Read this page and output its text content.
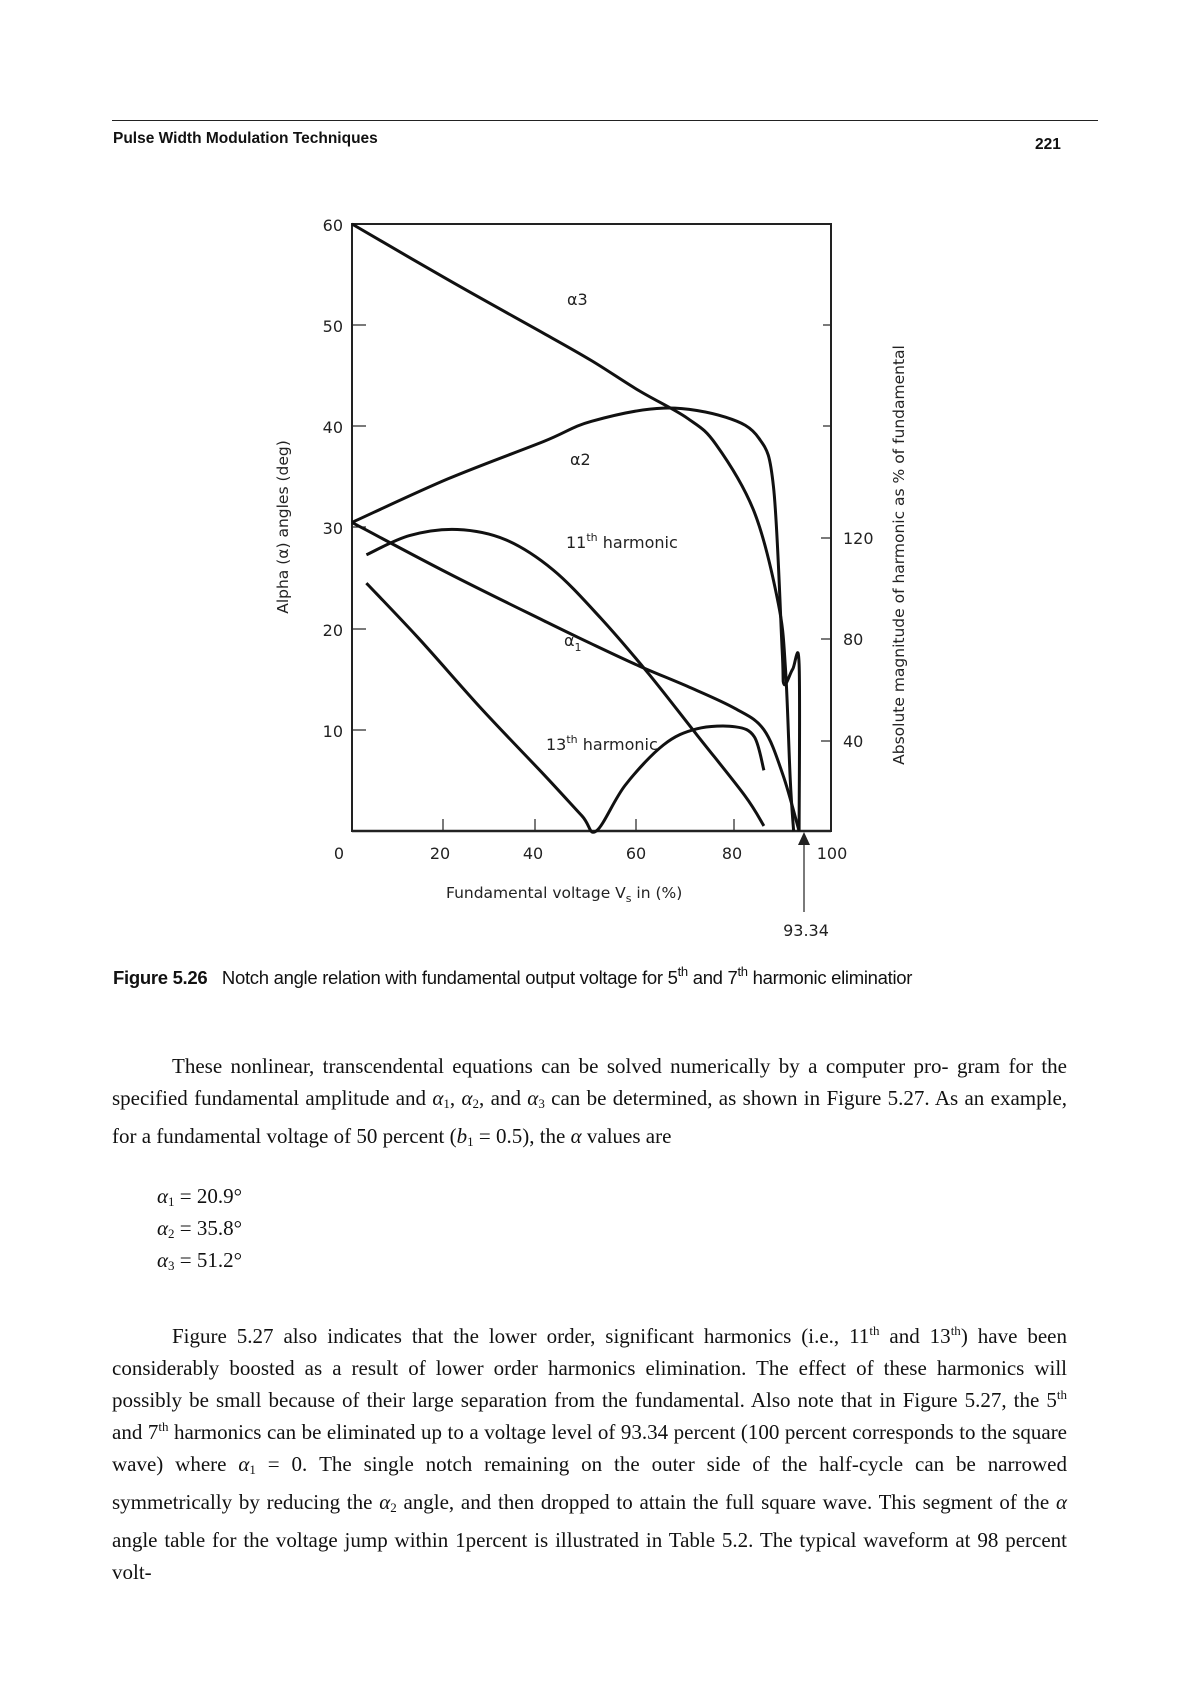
Pulse Width Modulation Techniques	221
60
50
40
30
20
10
120
80
40
0	20	40	60	80	100
Fundamental voltage $V_s$ in (%)
Alpha (α) angles (deg)	Absolute magnitude of harmonic as % of fundamental
93.34
α3
α2
11th harmonic
$\alpha_1$
13th harmonic
Figure 5.26 Notch angle relation with fundamental output voltage for 5th and 7th harmonic eliminatior
These nonlinear, transcendental equations can be solved numerically by a computer pro- gram for the specified fundamental amplitude and $\alpha_1$, $\alpha_2$, and $\alpha_3$ can be determined, as shown in Figure 5.27. As an example, for a fundamental voltage of 50 percent $(b_1 = 0.5)$, the α values are
$\alpha_1 = 20.9^\circ$
$\alpha_2 = 35.8^\circ$
$\alpha_3 = 51.2^\circ$
Figure 5.27 also indicates that the lower order, significant harmonics (i.e., 11th and 13th) have been considerably boosted as a result of lower order harmonics elimination. The effect of these harmonics will possibly be small because of their large separation from the fundamental. Also note that in Figure 5.27, the 5th and 7th harmonics can be eliminated up to a voltage level of 93.34 percent (100 percent corresponds to the square wave) where $\alpha_1 = 0$. The single notch remaining on the outer side of the half-cycle can be narrowed symmetrically by reducing the $\alpha_2$ angle, and then dropped to attain the full square wave. This segment of the α angle table for the voltage jump within 1percent is illustrated in Table 5.2. The typical waveform at 98 percent volt-
